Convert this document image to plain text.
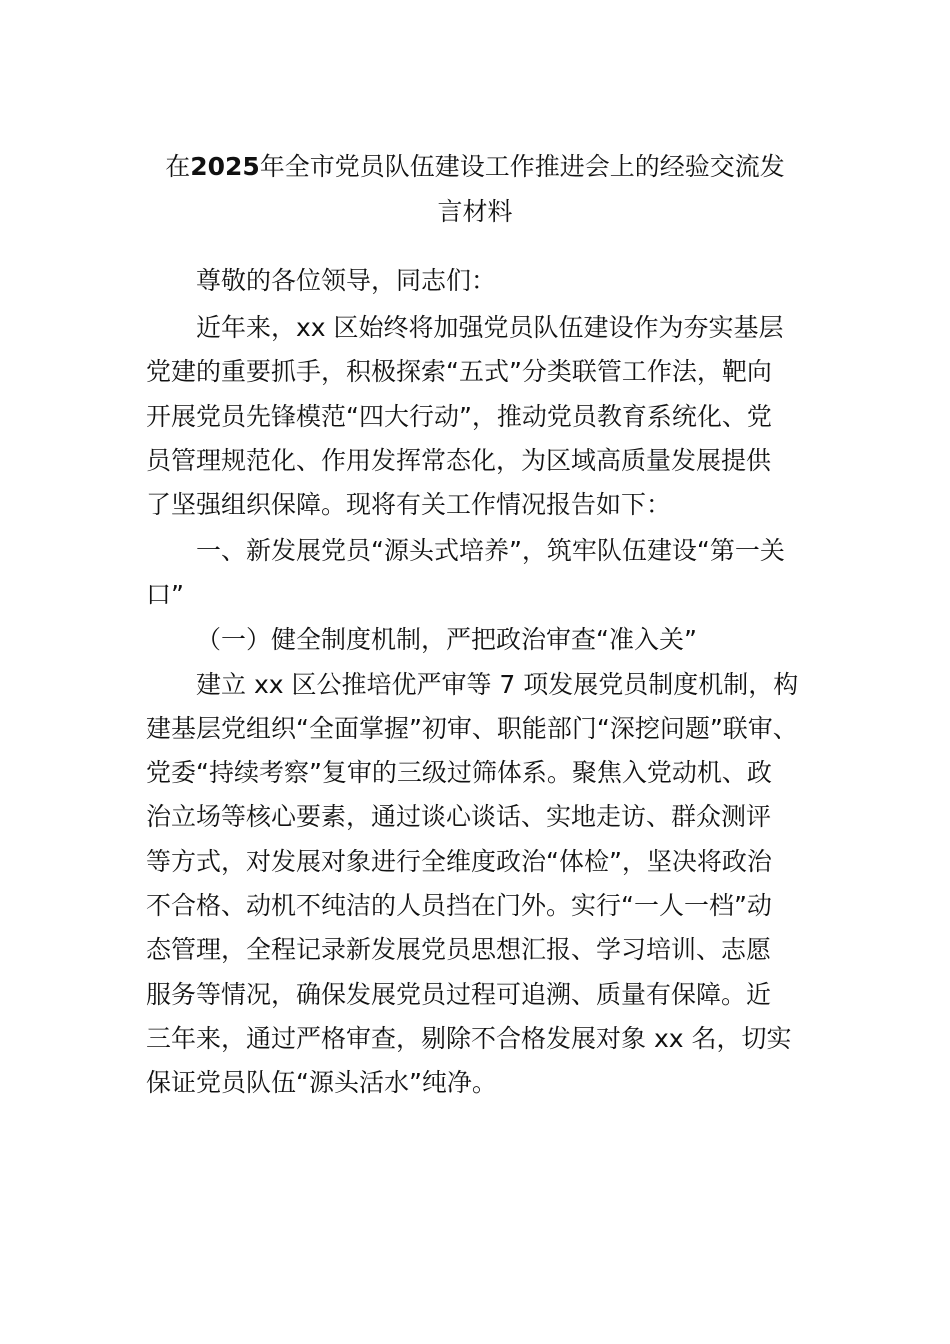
在2025年全市党员队伍建设工作推进会上的经验交流发
言材料
尊敬的各位领导，同志们：
近年来，xx 区始终将加强党员队伍建设作为夯实基层
党建的重要抓手，积极探索“五式”分类联管工作法，靶向
开展党员先锋模范“四大行动”，推动党员教育系统化、党
员管理规范化、作用发挥常态化，为区域高质量发展提供
了坚强组织保障。现将有关工作情况报告如下：
一、新发展党员“源头式培养”，筑牢队伍建设“第一关
口”
（一）健全制度机制，严把政治审查“准入关”
建立 xx 区公推培优严审等 7 项发展党员制度机制，构
建基层党组织“全面掌握”初审、职能部门“深挖问题”联审、
党委“持续考察”复审的三级过筛体系。聚焦入党动机、政
治立场等核心要素，通过谈心谈话、实地走访、群众测评
等方式，对发展对象进行全维度政治“体检”，坚决将政治
不合格、动机不纯洁的人员挡在门外。实行“一人一档”动
态管理，全程记录新发展党员思想汇报、学习培训、志愿
服务等情况，确保发展党员过程可追溯、质量有保障。近
三年来，通过严格审查，剔除不合格发展对象 xx 名，切实
保证党员队伍“源头活水”纯净。
